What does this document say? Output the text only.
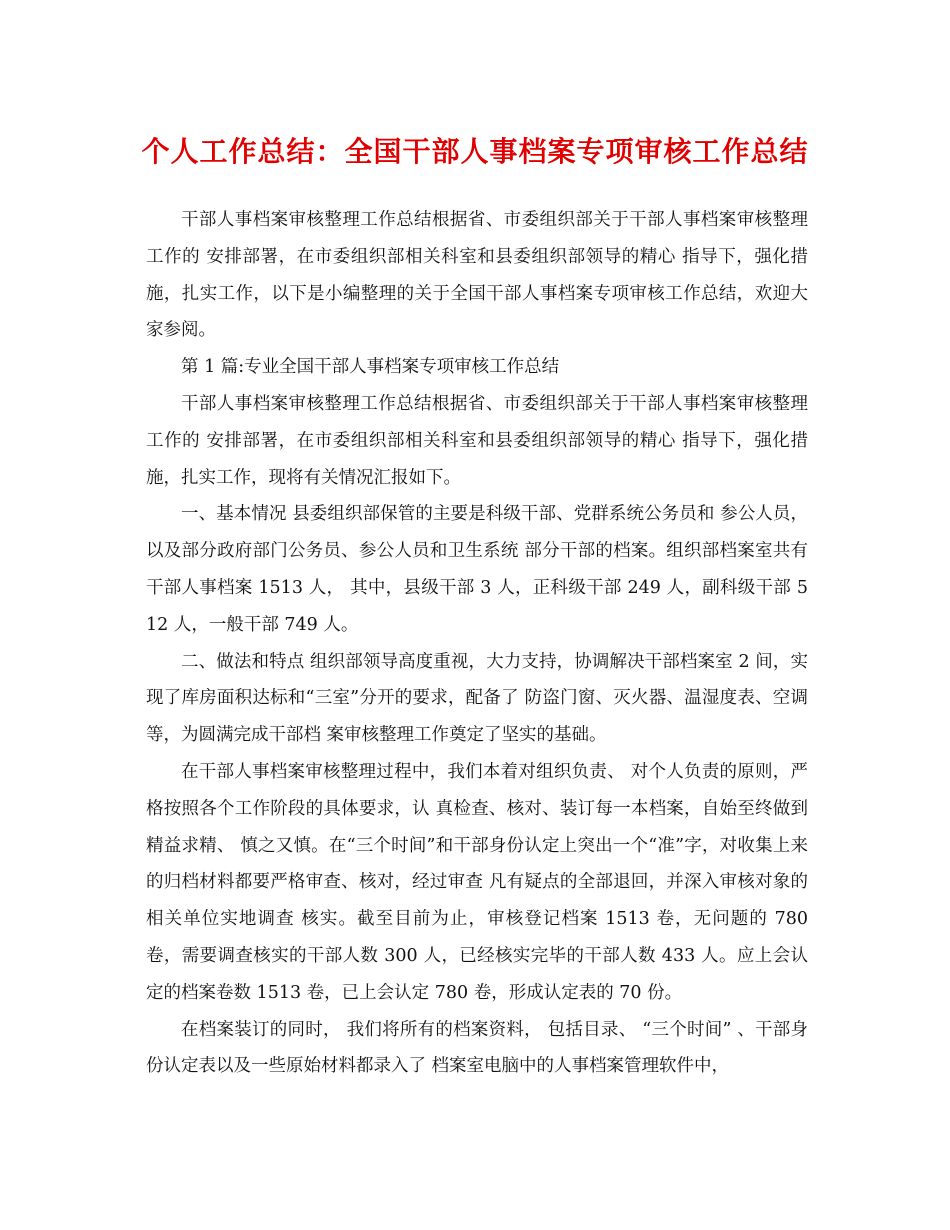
个人工作总结：全国干部人事档案专项审核工作总结

干部人事档案审核整理工作总结根据省、市委组织部关于干部人事档案审核整理工作的 安排部署，在市委组织部相关科室和县委组织部领导的精心 指导下，强化措施，扎实工作，以下是小编整理的关于全国干部人事档案专项审核工作总结，欢迎大家参阅。

第 1 篇:专业全国干部人事档案专项审核工作总结

干部人事档案审核整理工作总结根据省、市委组织部关于干部人事档案审核整理工作的 安排部署，在市委组织部相关科室和县委组织部领导的精心 指导下，强化措施，扎实工作，现将有关情况汇报如下。

一、基本情况 县委组织部保管的主要是科级干部、党群系统公务员和 参公人员，以及部分政府部门公务员、参公人员和卫生系统 部分干部的档案。组织部档案室共有干部人事档案 1513 人， 其中，县级干部 3 人，正科级干部 249 人，副科级干部 512 人，一般干部 749 人。

二、做法和特点 组织部领导高度重视，大力支持，协调解决干部档案室 2 间，实现了库房面积达标和“三室”分开的要求，配备了 防盗门窗、灭火器、温湿度表、空调等，为圆满完成干部档 案审核整理工作奠定了坚实的基础。

在干部人事档案审核整理过程中，我们本着对组织负责、 对个人负责的原则，严格按照各个工作阶段的具体要求，认 真检查、核对、装订每一本档案，自始至终做到精益求精、 慎之又慎。在“三个时间”和干部身份认定上突出一个“准”字，对收集上来的归档材料都要严格审查、核对，经过审查 凡有疑点的全部退回，并深入审核对象的相关单位实地调查 核实。截至目前为止，审核登记档案 1513 卷，无问题的 780 卷，需要调查核实的干部人数 300 人，已经核实完毕的干部人数 433 人。应上会认定的档案卷数 1513 卷，已上会认定 780 卷，形成认定表的 70 份。

在档案装订的同时， 我们将所有的档案资料， 包括目录、 “三个时间” 、干部身份认定表以及一些原始材料都录入了 档案室电脑中的人事档案管理软件中，
